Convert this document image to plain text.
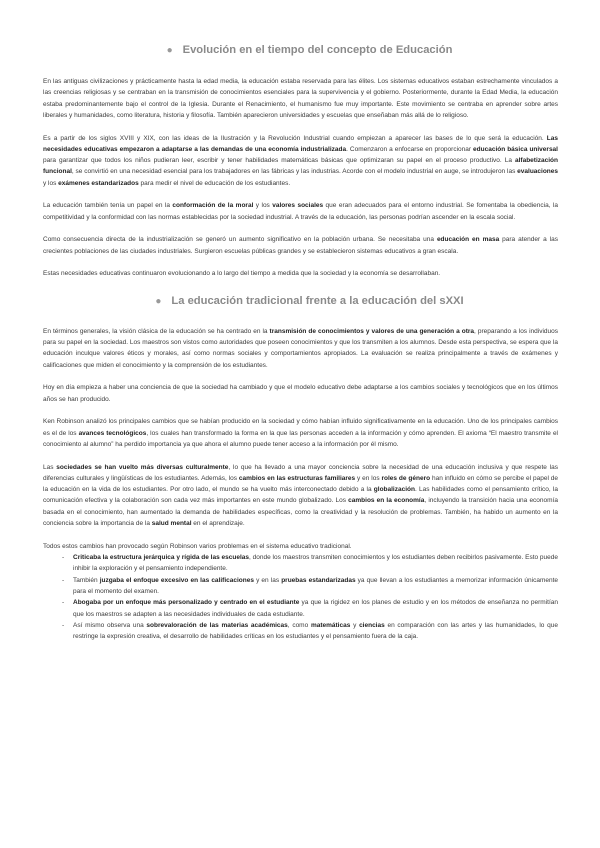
● Evolución en el tiempo del concepto de Educación

En las antiguas civilizaciones y prácticamente hasta la edad media, la educación estaba reservada para las élites. Los sistemas educativos estaban estrechamente vinculados a las creencias religiosas y se centraban en la transmisión de conocimientos esenciales para la supervivencia y el gobierno. Posteriormente, durante la Edad Media, la educación estaba predominantemente bajo el control de la Iglesia. Durante el Renacimiento, el humanismo fue muy importante. Este movimiento se centraba en aprender sobre artes liberales y humanidades, como literatura, historia y filosofía. También aparecieron universidades y escuelas que enseñaban más allá de lo religioso.

Es a partir de los siglos XVIII y XIX, con las ideas de la Ilustración y la Revolución Industrial cuando empiezan a aparecer las bases de lo que será la educación. Las necesidades educativas empezaron a adaptarse a las demandas de una economía industrializada. Comenzaron a enfocarse en proporcionar educación básica universal para garantizar que todos los niños pudieran leer, escribir y tener habilidades matemáticas básicas que optimizaran su papel en el proceso productivo. La alfabetización funcional, se convirtió en una necesidad esencial para los trabajadores en las fábricas y las industrias. Acorde con el modelo industrial en auge, se introdujeron las evaluaciones y los exámenes estandarizados para medir el nivel de educación de los estudiantes.

La educación también tenía un papel en la conformación de la moral y los valores sociales que eran adecuados para el entorno industrial. Se fomentaba la obediencia, la competitividad y la conformidad con las normas establecidas por la sociedad industrial. A través de la educación, las personas podrían ascender en la escala social.

Como consecuencia directa de la industrialización se generó un aumento significativo en la población urbana. Se necesitaba una educación en masa para atender a las crecientes poblaciones de las ciudades industriales. Surgieron escuelas públicas grandes y se establecieron sistemas educativos a gran escala.

Estas necesidades educativas continuaron evolucionando a lo largo del tiempo a medida que la sociedad y la economía se desarrollaban.

● La educación tradicional frente a la educación del sXXI

En términos generales, la visión clásica de la educación se ha centrado en la transmisión de conocimientos y valores de una generación a otra, preparando a los individuos para su papel en la sociedad. Los maestros son vistos como autoridades que poseen conocimientos y que los transmiten a los alumnos. Desde esta perspectiva, se espera que la educación inculque valores éticos y morales, así como normas sociales y comportamientos apropiados. La evaluación se realiza principalmente a través de exámenes y calificaciones que miden el conocimiento y la comprensión de los estudiantes.

Hoy en día empieza a haber una conciencia de que la sociedad ha cambiado y que el modelo educativo debe adaptarse a los cambios sociales y tecnológicos que en los últimos años se han producido.

Ken Robinson analizó los principales cambios que se habían producido en la sociedad y cómo habían influido significativamente en la educación. Uno de los principales cambios es el de los avances tecnológicos, los cuales han transformado la forma en la que las personas acceden a la información y cómo aprenden. El axioma “El maestro transmite el conocimiento al alumno” ha perdido importancia ya que ahora el alumno puede tener acceso a la información por él mismo.

Las sociedades se han vuelto más diversas culturalmente, lo que ha llevado a una mayor conciencia sobre la necesidad de una educación inclusiva y que respete las diferencias culturales y lingüísticas de los estudiantes. Además, los cambios en las estructuras familiares y en los roles de género han influido en cómo se percibe el papel de la educación en la vida de los estudiantes. Por otro lado, el mundo se ha vuelto más interconectado debido a la globalización. Las habilidades como el pensamiento crítico, la comunicación efectiva y la colaboración son cada vez más importantes en este mundo globalizado. Los cambios en la economía, incluyendo la transición hacia una economía basada en el conocimiento, han aumentado la demanda de habilidades específicas, como la creatividad y la resolución de problemas. También, ha habido un aumento en la conciencia sobre la importancia de la salud mental en el aprendizaje.

Todos estos cambios han provocado según Robinson varios problemas en el sistema educativo tradicional.

- Criticaba la estructura jerárquica y rígida de las escuelas, donde los maestros transmiten conocimientos y los estudiantes deben recibirlos pasivamente. Esto puede inhibir la exploración y el pensamiento independiente.
- También juzgaba el enfoque excesivo en las calificaciones y en las pruebas estandarizadas ya que llevan a los estudiantes a memorizar información únicamente para el momento del examen.
- Abogaba por un enfoque más personalizado y centrado en el estudiante ya que la rigidez en los planes de estudio y en los métodos de enseñanza no permitían que los maestros se adapten a las necesidades individuales de cada estudiante.
- Así mismo observa una sobrevaloración de las materias académicas, como matemáticas y ciencias en comparación con las artes y las humanidades, lo que restringe la expresión creativa, el desarrollo de habilidades críticas en los estudiantes y el pensamiento fuera de la caja.
